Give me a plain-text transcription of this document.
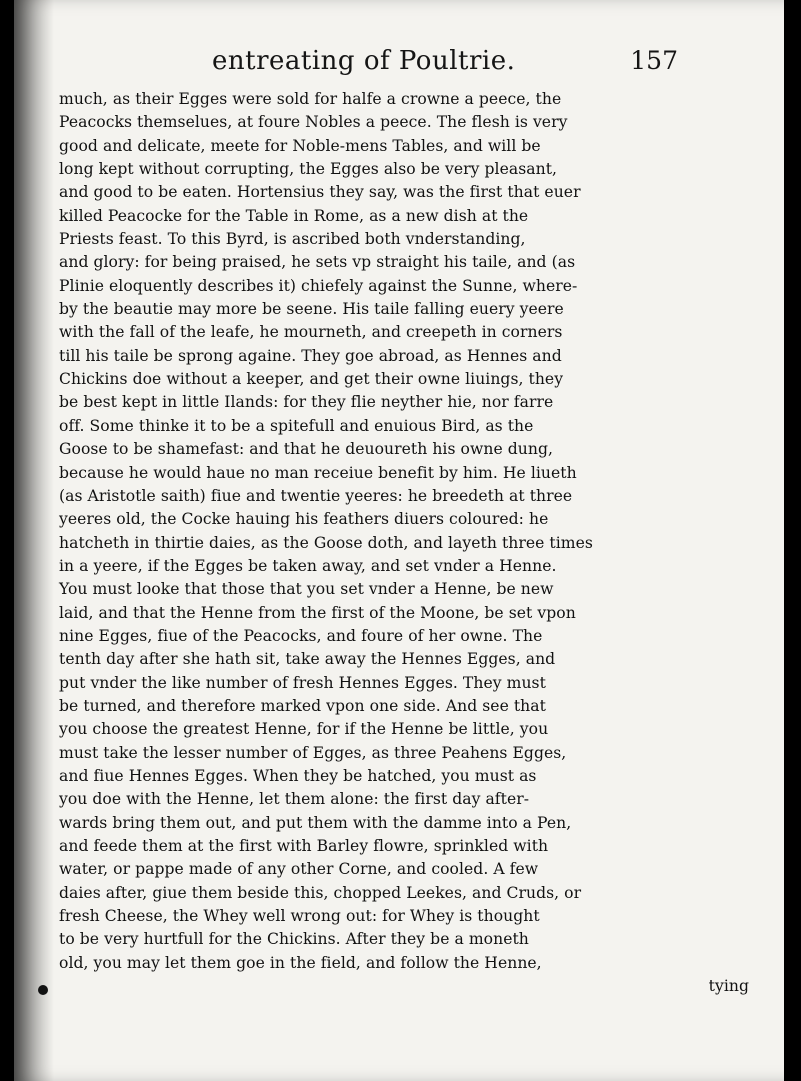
entreating of Poultrie.	157
much, as their Egges were sold for halfe a crowne a peece, the
Peacocks themselues, at foure Nobles a peece. The flesh is very
good and delicate, meete for Noble-mens Tables, and will be
long kept without corrupting, the Egges also be very pleasant,
and good to be eaten. Hortensius they say, was the first that euer
killed Peacocke for the Table in Rome, as a new dish at the
Priests feast. To this Byrd, is ascribed both vnderstanding,
and glory: for being praised, he sets vp straight his taile, and (as
Plinie eloquently describes it) chiefely against the Sunne, where-
by the beautie may more be seene. His taile falling euery yeere
with the fall of the leafe, he mourneth, and creepeth in corners
till his taile be sprong againe. They goe abroad, as Hennes and
Chickins doe without a keeper, and get their owne liuings, they
be best kept in little Ilands: for they flie neyther hie, nor farre
off. Some thinke it to be a spitefull and enuious Bird, as the
Goose to be shamefast: and that he deuoureth his owne dung,
because he would haue no man receiue benefit by him. He liueth
(as Aristotle saith) fiue and twentie yeeres: he breedeth at three
yeeres old, the Cocke hauing his feathers diuers coloured: he
hatcheth in thirtie daies, as the Goose doth, and layeth three times
in a yeere, if the Egges be taken away, and set vnder a Henne.
You must looke that those that you set vnder a Henne, be new
laid, and that the Henne from the first of the Moone, be set vpon
nine Egges, fiue of the Peacocks, and foure of her owne. The
tenth day after she hath sit, take away the Hennes Egges, and
put vnder the like number of fresh Hennes Egges. They must
be turned, and therefore marked vpon one side. And see that
you choose the greatest Henne, for if the Henne be little, you
must take the lesser number of Egges, as three Peahens Egges,
and fiue Hennes Egges. When they be hatched, you must as
you doe with the Henne, let them alone: the first day after-
wards bring them out, and put them with the damme into a Pen,
and feede them at the first with Barley flowre, sprinkled with
water, or pappe made of any other Corne, and cooled. A few
daies after, giue them beside this, chopped Leekes, and Cruds, or
fresh Cheese, the Whey well wrong out: for Whey is thought
to be very hurtfull for the Chickins. After they be a moneth
old, you may let them goe in the field, and follow the Henne,
tying
